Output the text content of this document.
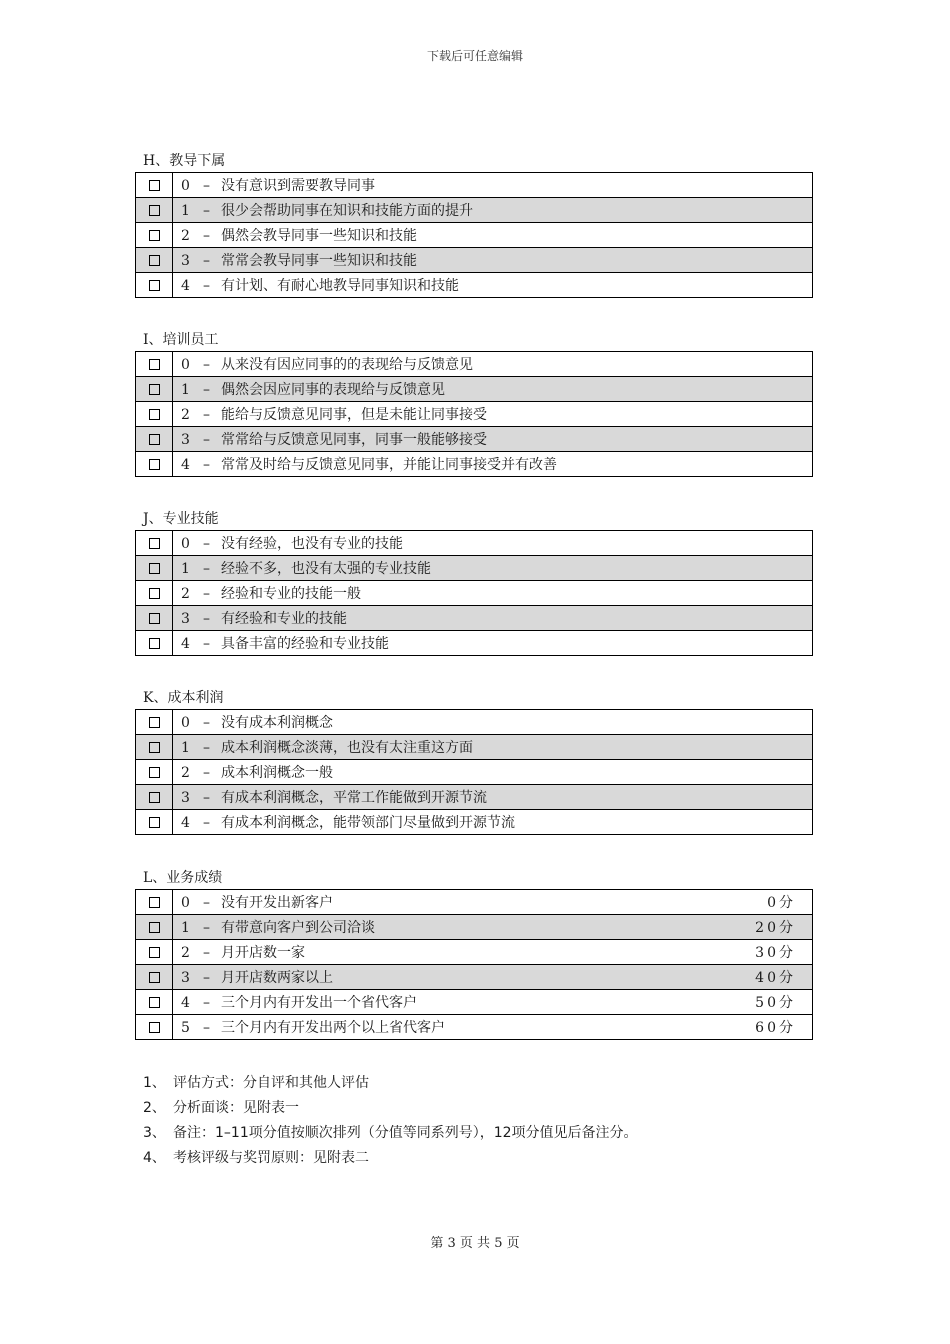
下载后可任意编辑
H、教导下属
	0 – 没有意识到需要教导同事
	1 – 很少会帮助同事在知识和技能方面的提升
	2 – 偶然会教导同事一些知识和技能
	3 – 常常会教导同事一些知识和技能
	4 – 有计划、有耐心地教导同事知识和技能
I、培训员工
	0 – 从来没有因应同事的的表现给与反馈意见
	1 – 偶然会因应同事的表现给与反馈意见
	2 – 能给与反馈意见同事，但是未能让同事接受
	3 – 常常给与反馈意见同事，同事一般能够接受
	4 – 常常及时给与反馈意见同事，并能让同事接受并有改善
J、专业技能
	0 – 没有经验，也没有专业的技能
	1 – 经验不多，也没有太强的专业技能
	2 – 经验和专业的技能一般
	3 – 有经验和专业的技能
	4 – 具备丰富的经验和专业技能
K、成本利润
	0 – 没有成本利润概念
	1 – 成本利润概念淡薄，也没有太注重这方面
	2 – 成本利润概念一般
	3 – 有成本利润概念，平常工作能做到开源节流
	4 – 有成本利润概念，能带领部门尽量做到开源节流
L、业务成绩
	0 – 没有开发出新客户 0分

	1 – 有带意向客户到公司洽谈 20分

	2 – 月开店数一家 30分

	3 – 月开店数两家以上 40分

	4 – 三个月内有开发出一个省代客户 50分

	5 – 三个月内有开发出两个以上省代客户 60分
1、 评估方式：分自评和其他人评估
2、 分析面谈：见附表一
3、 备注：1–11项分值按顺次排列（分值等同系列号），12项分值见后备注分。
4、 考核评级与奖罚原则：见附表二
第 3 页 共 5 页
